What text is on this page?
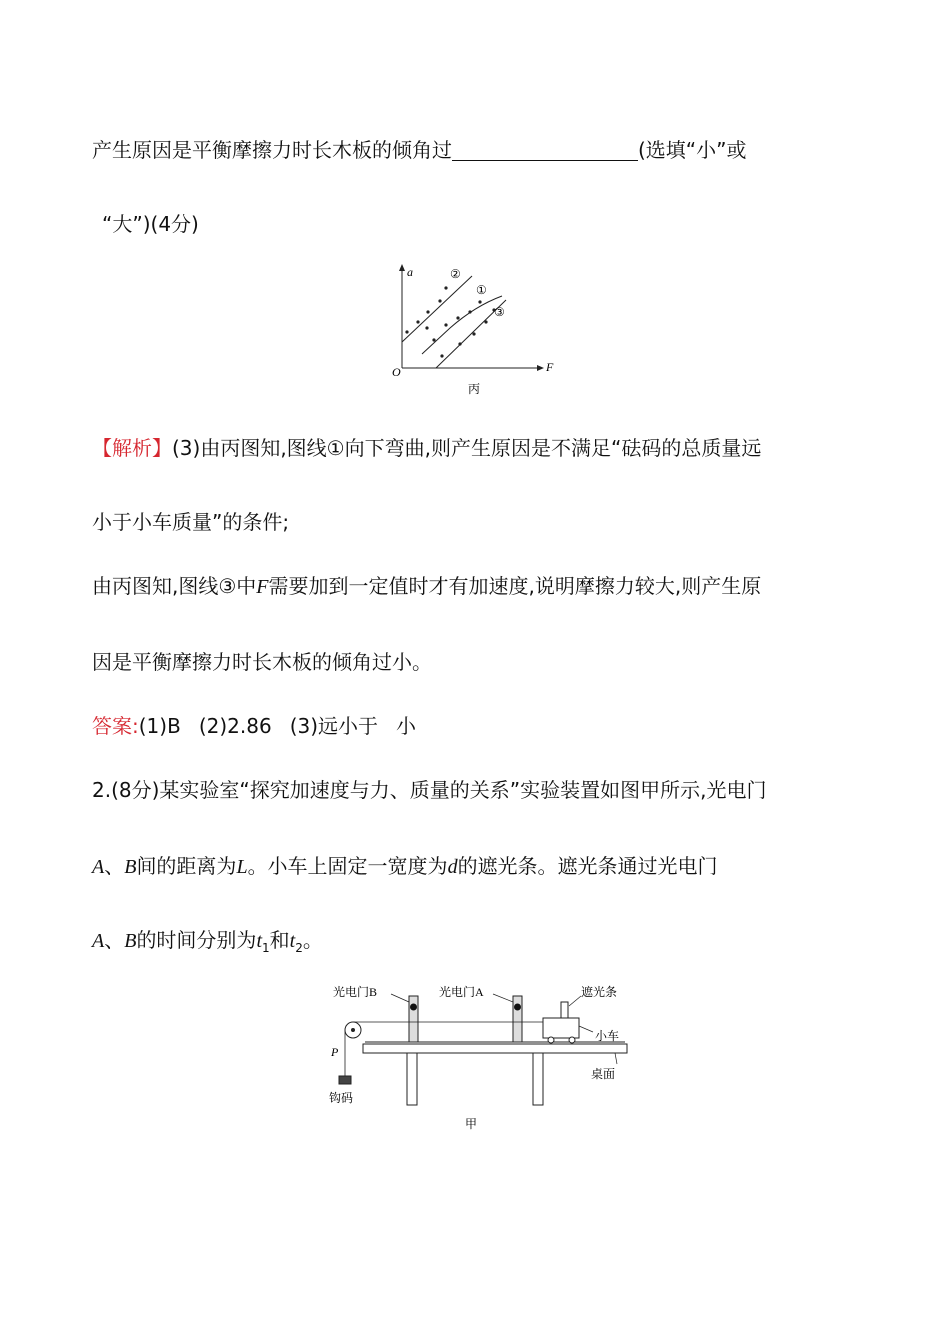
产生原因是平衡摩擦力时长木板的倾角过	(选填“小”或
“大”)(4分)
a
F
O
②
①
③
丙
【解析】(3)由丙图知,图线①向下弯曲,则产生原因是不满足“砝码的总质量远
小于小车质量”的条件;
由丙图知,图线③中F需要加到一定值时才有加速度,说明摩擦力较大,则产生原
因是平衡摩擦力时长木板的倾角过小。
答案:(1)B (2)2.86 (3)远小于 小
2.(8分)某实验室“探究加速度与力、质量的关系”实验装置如图甲所示,光电门
A、B间的距离为L。小车上固定一宽度为d的遮光条。遮光条通过光电门
A、B的时间分别为$t_1$和$t_2$。
光电门B	光电门A	遮光条
小车
桌面
P
钩码
甲
